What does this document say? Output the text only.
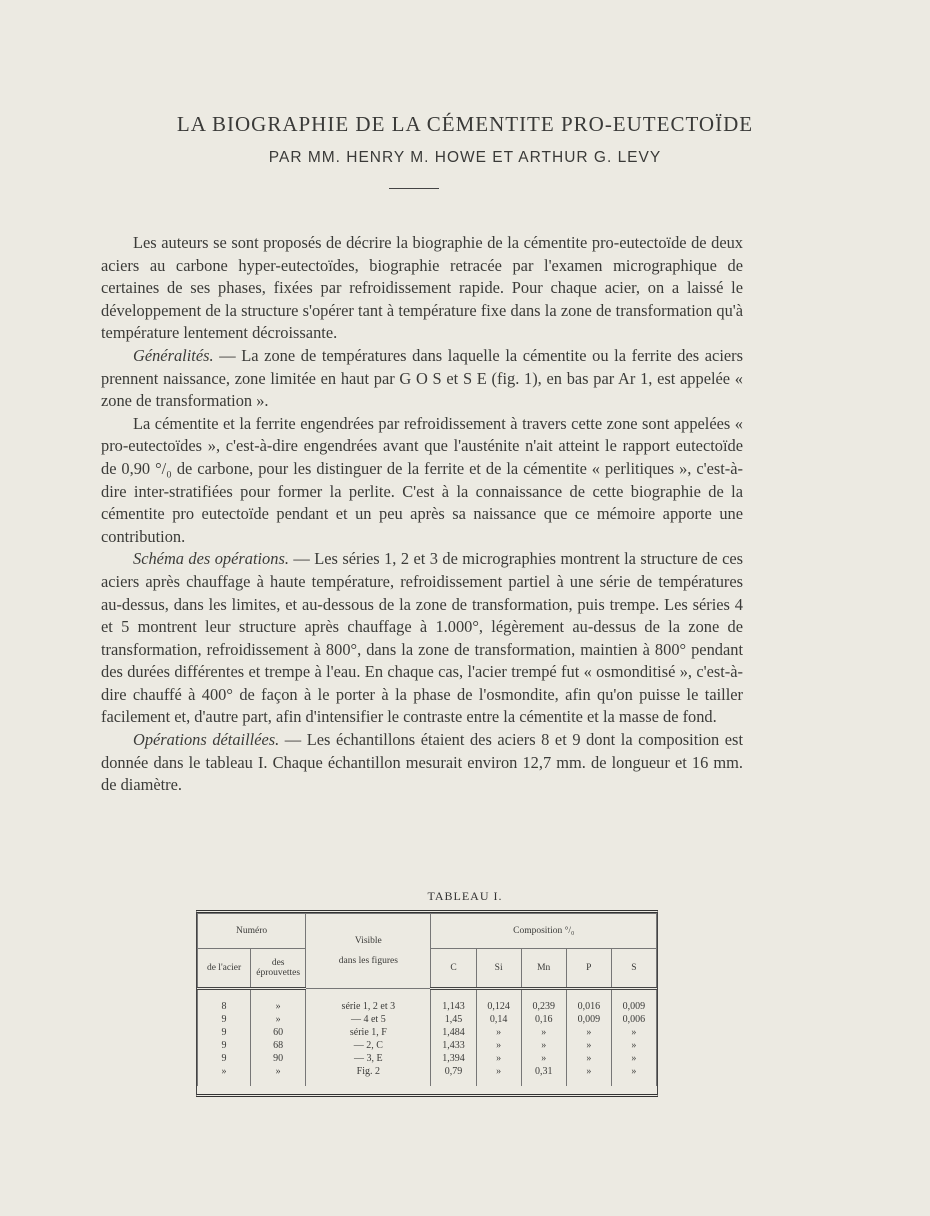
LA BIOGRAPHIE DE LA CÉMENTITE PRO-EUTECTOÏDE
PAR MM. HENRY M. HOWE ET ARTHUR G. LEVY

Les auteurs se sont proposés de décrire la biographie de la cémentite pro-eutectoïde de deux aciers au carbone hyper-eutectoïdes, biographie retracée par l'examen micrographique de certaines de ses phases, fixées par refroidissement rapide. Pour chaque acier, on a laissé le développement de la structure s'opérer tant à température fixe dans la zone de transformation qu'à température lentement décroissante.

Généralités. — La zone de températures dans laquelle la cémentite ou la ferrite des aciers prennent naissance, zone limitée en haut par G O S et S E (fig. 1), en bas par Ar 1, est appelée « zone de transformation ».

La cémentite et la ferrite engendrées par refroidissement à travers cette zone sont appelées « pro-eutectoïdes », c'est-à-dire engendrées avant que l'austénite n'ait atteint le rapport eutectoïde de 0,90 °/₀ de carbone, pour les distinguer de la ferrite et de la cémentite « perlitiques », c'est-à-dire inter-stratifiées pour former la perlite. C'est à la connaissance de cette biographie de la cémentite pro eutectoïde pendant et un peu après sa naissance que ce mémoire apporte une contribution.

Schéma des opérations. — Les séries 1, 2 et 3 de micrographies montrent la structure de ces aciers après chauffage à haute température, refroidissement partiel à une série de températures au-dessus, dans les limites, et au-dessous de la zone de transformation, puis trempe. Les séries 4 et 5 montrent leur structure après chauffage à 1.000°, légèrement au-dessus de la zone de transformation, refroidissement à 800°, dans la zone de transformation, maintien à 800° pendant des durées différentes et trempe à l'eau. En chaque cas, l'acier trempé fut « osmonditisé », c'est-à-dire chauffé à 400° de façon à le porter à la phase de l'osmondite, afin qu'on puisse le tailler facilement et, d'autre part, afin d'intensifier le contraste entre la cémentite et la masse de fond.

Opérations détaillées. — Les échantillons étaient des aciers 8 et 9 dont la composition est donnée dans le tableau I. Chaque échantillon mesurait environ 12,7 mm. de longueur et 16 mm. de diamètre.

TABLEAU I.
Numéro		Visible

dans les figures	Composition °/₀				
de l'acier	des éprouvettes		C	Si	Mn	P	S
8	»	série 1, 2 et 3	1,143	0,124	0,239	0,016	0,009
9	»	— 4 et 5	1,45	0,14	0,16	0,009	0,006
9	60	série 1, F	1,484	»	»	»	»
9	68	— 2, C	1,433	»	»	»	»
9	90	— 3, E	1,394	»	»	»	»
»	»	Fig. 2	0,79	»	0,31	»	»
